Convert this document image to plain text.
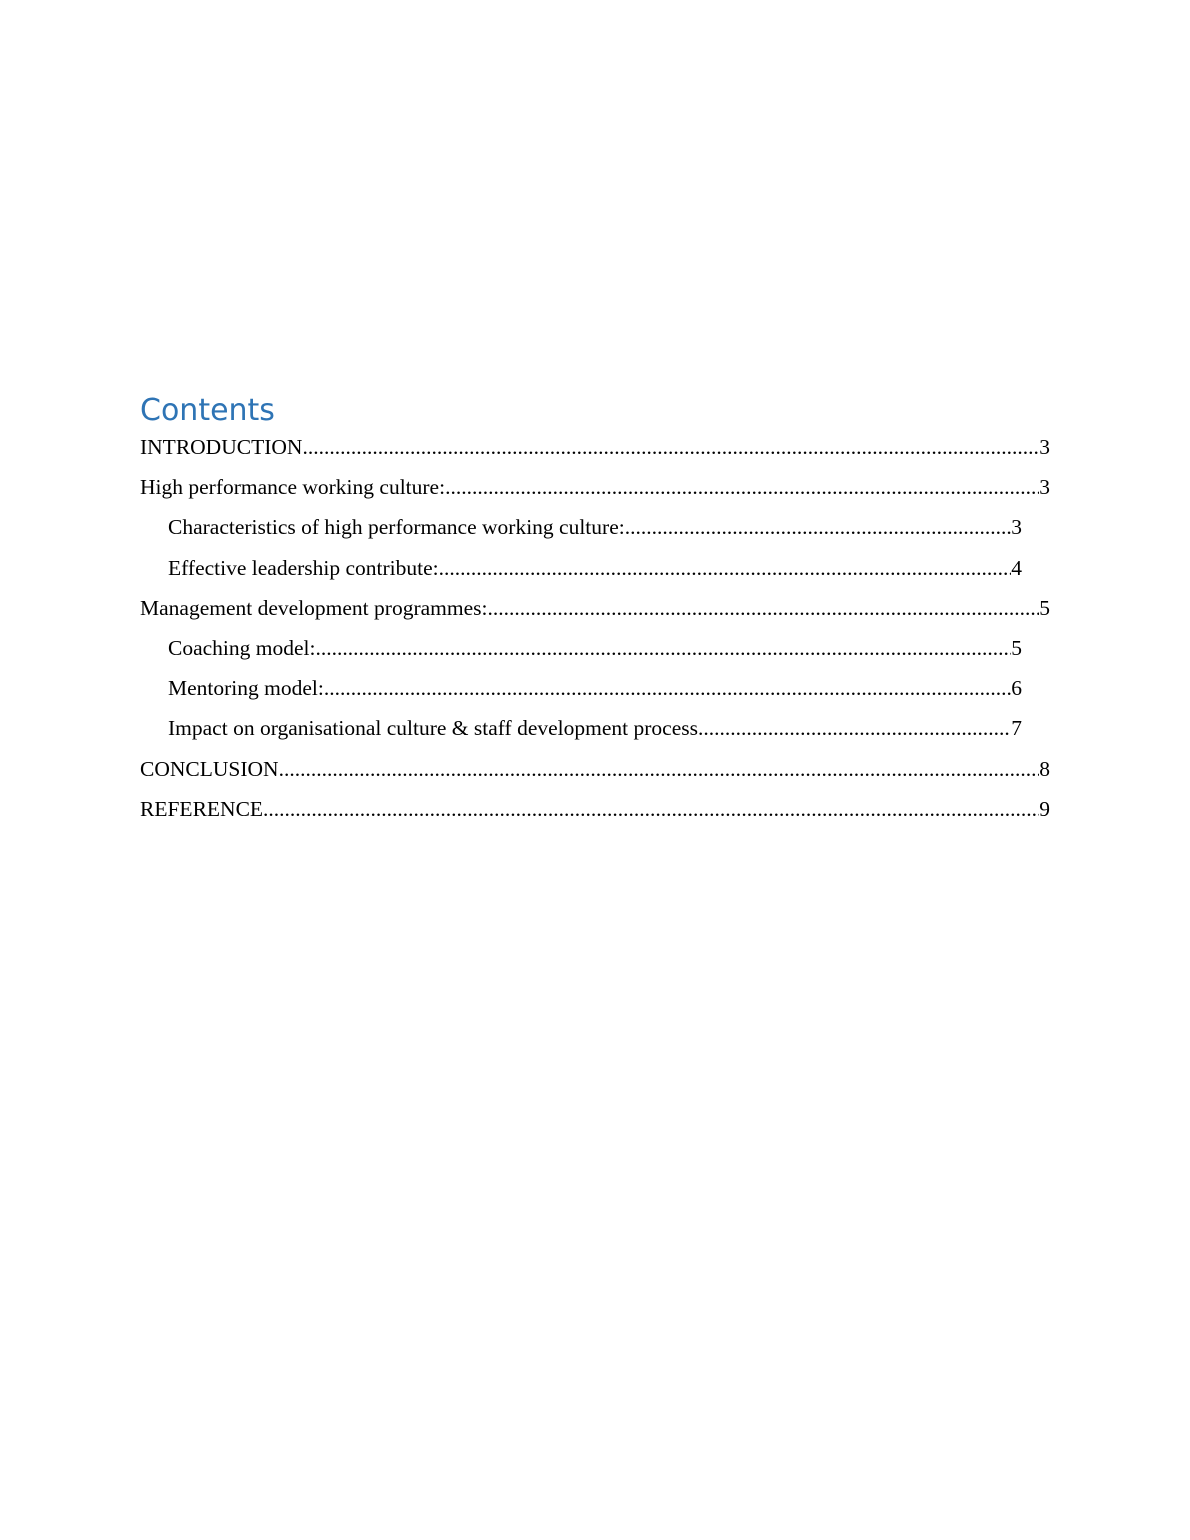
Contents
INTRODUCTION .....	3
High performance working culture: .....	3
Characteristics of high performance working culture: .....	3
Effective leadership contribute: .....	4
Management development programmes: .....	5
Coaching model: .....	5
Mentoring model: .....	6
Impact on organisational culture & staff development process .....	7
CONCLUSION .....	8
REFERENCE .....	9
